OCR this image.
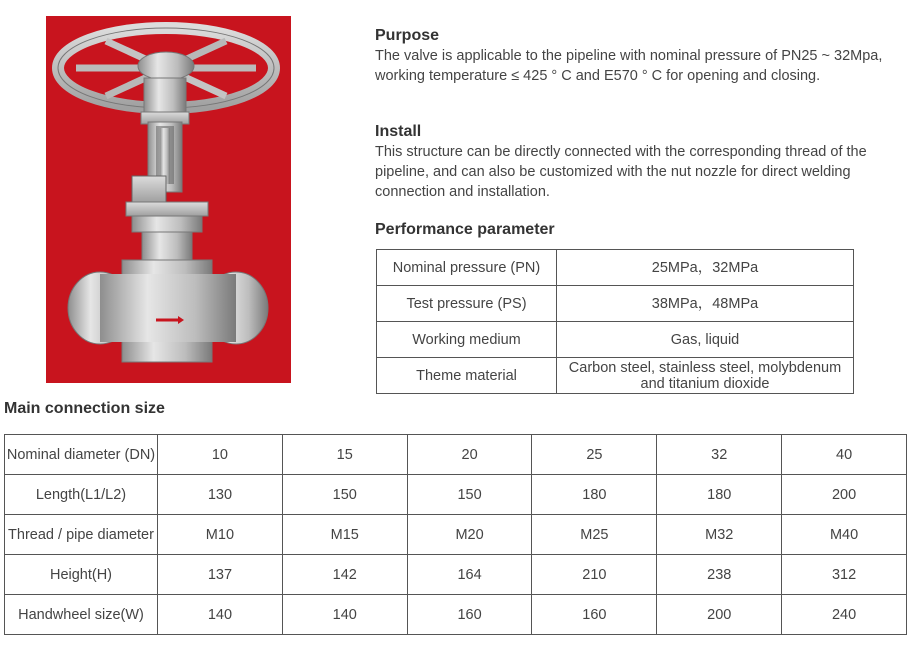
Purpose

The valve is applicable to the pipeline with nominal pressure of PN25 ~ 32Mpa, working temperature ≤ 425 ° C and E570 ° C for opening and closing.

Install

This structure can be directly connected with the corresponding thread of the pipeline, and can also be customized with the nut nozzle for direct welding connection and installation.

Performance parameter
Nominal pressure (PN)	25MPa，32MPa
Test pressure (PS)	38MPa，48MPa
Working medium	Gas, liquid
Theme material	Carbon steel, stainless steel, molybdenum and titanium dioxide
Main connection size
Nominal diameter (DN)	10	15	20	25	32	40
Length(L1/L2)	130	150	150	180	180	200
Thread / pipe diameter	M10	M15	M20	M25	M32	M40
Height(H)	137	142	164	210	238	312
Handwheel size(W)	140	140	160	160	200	240
